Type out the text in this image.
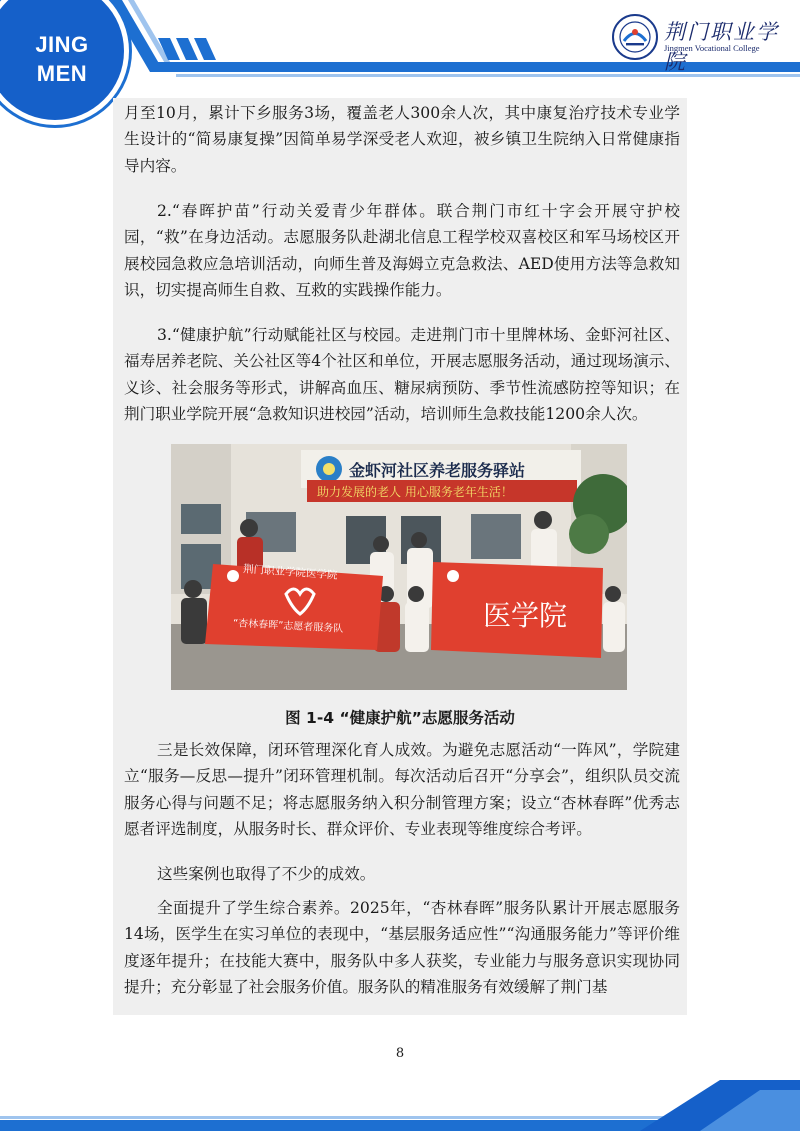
JING
MEN
荆门职业学院
Jingmen Vocational College

月至10月，累计下乡服务3场，覆盖老人300余人次，其中康复治疗技术专业学生设计的“简易康复操”因简单易学深受老人欢迎，被乡镇卫生院纳入日常健康指导内容。

2.“春晖护苗”行动关爱青少年群体。联合荆门市红十字会开展守护校园，“救”在身边活动。志愿服务队赴湖北信息工程学校双喜校区和军马场校区开展校园急救应急培训活动，向师生普及海姆立克急救法、AED使用方法等急救知识，切实提高师生自救、互救的实践操作能力。

3.“健康护航”行动赋能社区与校园。走进荆门市十里牌林场、金虾河社区、福寿居养老院、关公社区等4个社区和单位，开展志愿服务活动，通过现场演示、义诊、社会服务等形式，讲解高血压、糖尿病预防、季节性流感防控等知识；在荆门职业学院开展“急救知识进校园”活动，培训师生急救技能1200余人次。

金虾河社区养老服务驿站
助力发展的老人 用心服务老年生活！
荆门职业学院医学院
“杏林春晖”志愿者服务队	医学院
图 1-4 “健康护航”志愿服务活动

三是长效保障，闭环管理深化育人成效。为避免志愿活动“一阵风”，学院建立“服务—反思—提升”闭环管理机制。每次活动后召开“分享会”，组织队员交流服务心得与问题不足；将志愿服务纳入积分制管理方案；设立“杏林春晖”优秀志愿者评选制度，从服务时长、群众评价、专业表现等维度综合考评。

这些案例也取得了不少的成效。

全面提升了学生综合素养。2025年，“杏林春晖”服务队累计开展志愿服务14场，医学生在实习单位的表现中，“基层服务适应性”“沟通服务能力”等评价维度逐年提升；在技能大赛中，服务队中多人获奖，专业能力与服务意识实现协同提升；充分彰显了社会服务价值。服务队的精准服务有效缓解了荆门基

8
